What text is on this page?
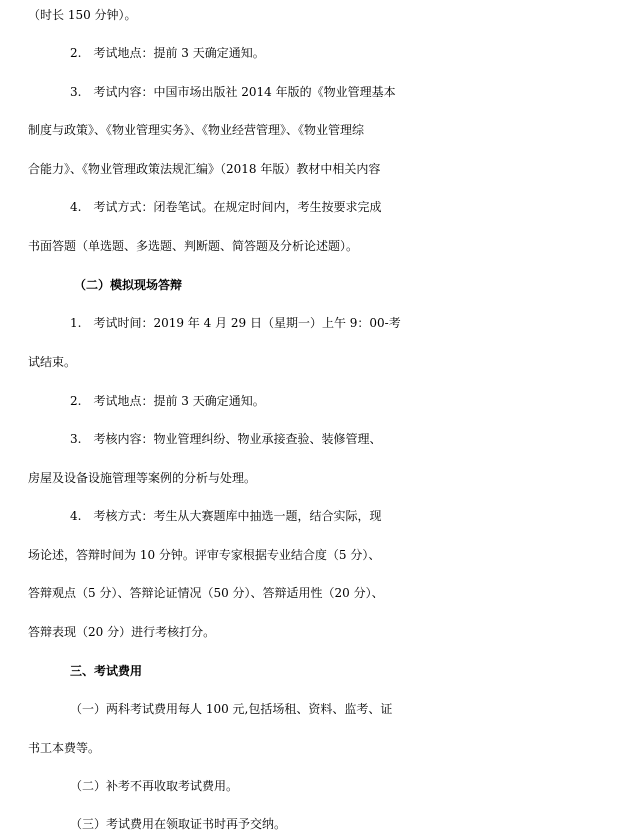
（时长 150 分钟）。
2.　考试地点：提前 3 天确定通知。
3.　考试内容：中国市场出版社 2014 年版的《物业管理基本
制度与政策》、《物业管理实务》、《物业经营管理》、《物业管理综
合能力》、《物业管理政策法规汇编》（2018 年版）教材中相关内容
4.　考试方式：闭卷笔试。在规定时间内，考生按要求完成
书面答题（单选题、多选题、判断题、简答题及分析论述题）。
（二）模拟现场答辩
1.　考试时间：2019 年 4 月 29 日（星期一）上午 9：00-考
试结束。
2.　考试地点：提前 3 天确定通知。
3.　考核内容：物业管理纠纷、物业承接查验、装修管理、
房屋及设备设施管理等案例的分析与处理。
4.　考核方式：考生从大赛题库中抽选一题，结合实际，现
场论述，答辩时间为 10 分钟。评审专家根据专业结合度（5 分）、
答辩观点（5 分）、答辩论证情况（50 分）、答辩适用性（20 分）、
答辩表现（20 分）进行考核打分。
三、考试费用
（一）两科考试费用每人 100 元,包括场租、资料、监考、证
书工本费等。
（二）补考不再收取考试费用。
（三）考试费用在领取证书时再予交纳。
